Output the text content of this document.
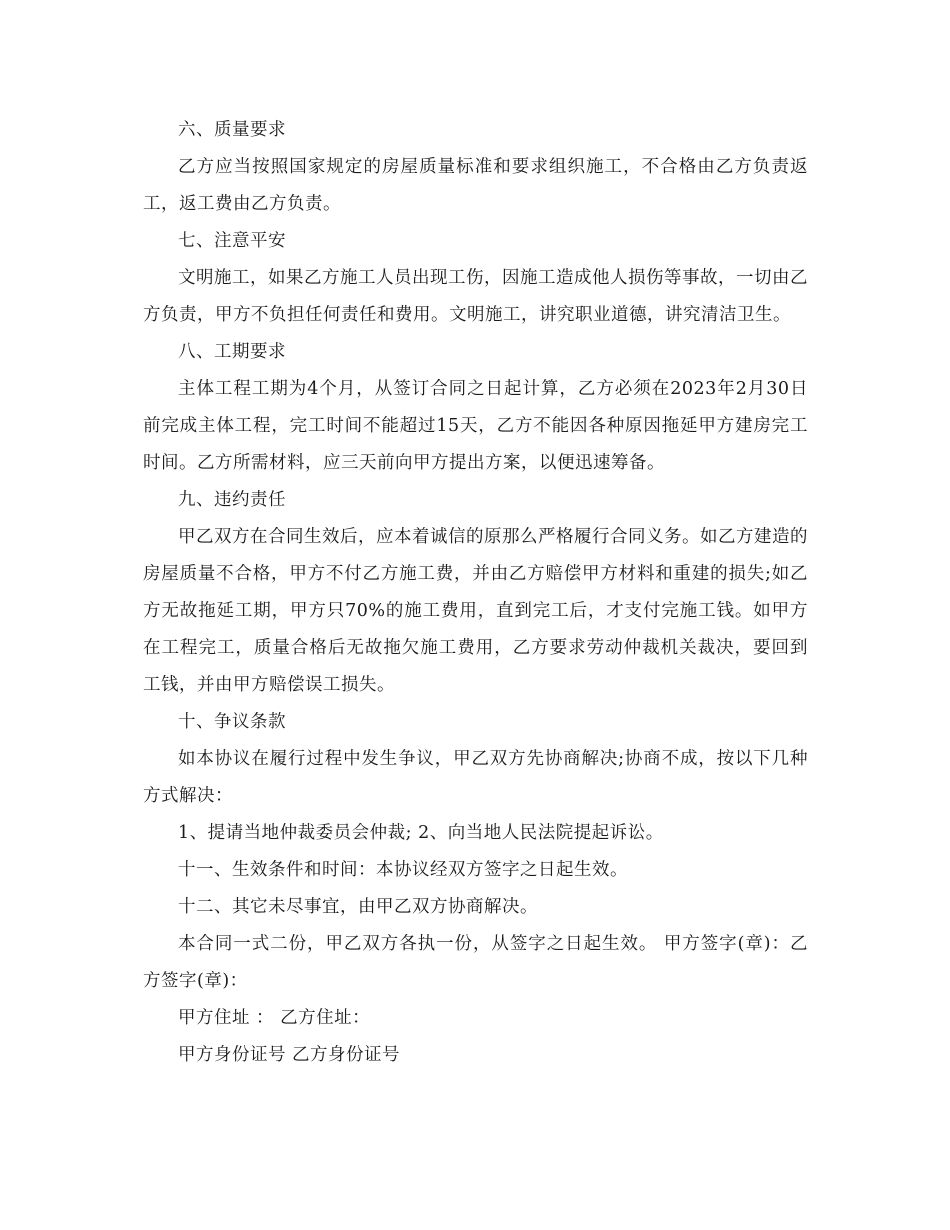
六、质量要求

乙方应当按照国家规定的房屋质量标准和要求组织施工，不合格由乙方负责返工，返工费由乙方负责。

七、注意平安

文明施工，如果乙方施工人员出现工伤，因施工造成他人损伤等事故，一切由乙方负责，甲方不负担任何责任和费用。文明施工，讲究职业道德，讲究清洁卫生。

八、工期要求

主体工程工期为4个月，从签订合同之日起计算，乙方必须在2023年2月30日前完成主体工程，完工时间不能超过15天，乙方不能因各种原因拖延甲方建房完工时间。乙方所需材料，应三天前向甲方提出方案，以便迅速筹备。

九、违约责任

甲乙双方在合同生效后，应本着诚信的原那么严格履行合同义务。如乙方建造的房屋质量不合格，甲方不付乙方施工费，并由乙方赔偿甲方材料和重建的损失;如乙方无故拖延工期，甲方只70%的施工费用，直到完工后，才支付完施工钱。如甲方在工程完工，质量合格后无故拖欠施工费用，乙方要求劳动仲裁机关裁决，要回到工钱，并由甲方赔偿误工损失。

十、争议条款

如本协议在履行过程中发生争议，甲乙双方先协商解决;协商不成，按以下几种方式解决：

1、提请当地仲裁委员会仲裁; 2、向当地人民法院提起诉讼。

十一、生效条件和时间：本协议经双方签字之日起生效。

十二、其它未尽事宜，由甲乙双方协商解决。

本合同一式二份，甲乙双方各执一份，从签字之日起生效。 甲方签字(章)：乙方签字(章)：

甲方住址 ： 乙方住址：

甲方身份证号 乙方身份证号
